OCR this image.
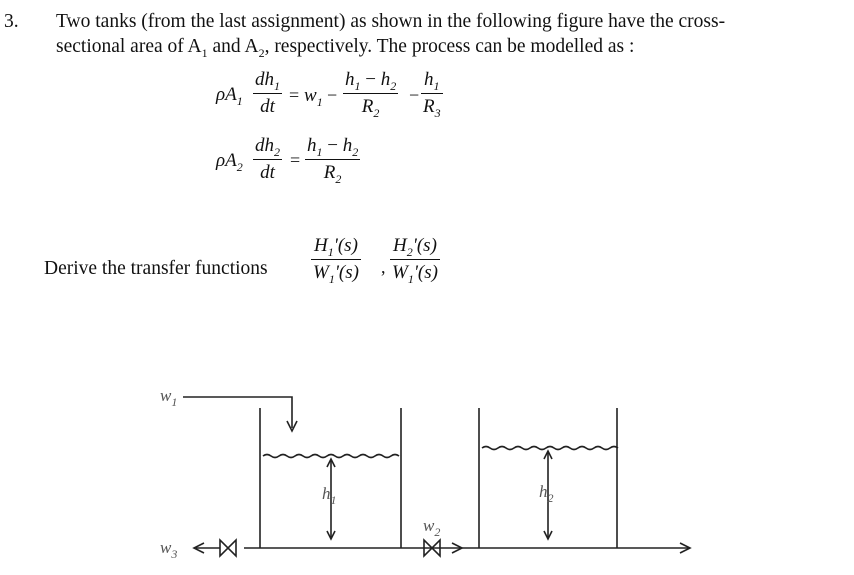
3. Two tanks (from the last assignment) as shown in the following figure have the cross-
sectional area of $A_1$ and $A_2$, respectively. The process can be modelled as :
$\rho A_1$
$dh_1$
dt
= $w_1$ −
$h_1 - h_2$
$R_2$
−
$h_1$
$R_3$
$\rho A_2$
$dh_2$
dt
=
$h_1 - h_2$
$R_2$
Derive the transfer functions
$H_1'(s)$
$W_1'(s)$ ,
$H_2'(s)$
$W_1'(s)$
$w_1$
$w_3$
$w_2$
$h_1$	$h_2$
